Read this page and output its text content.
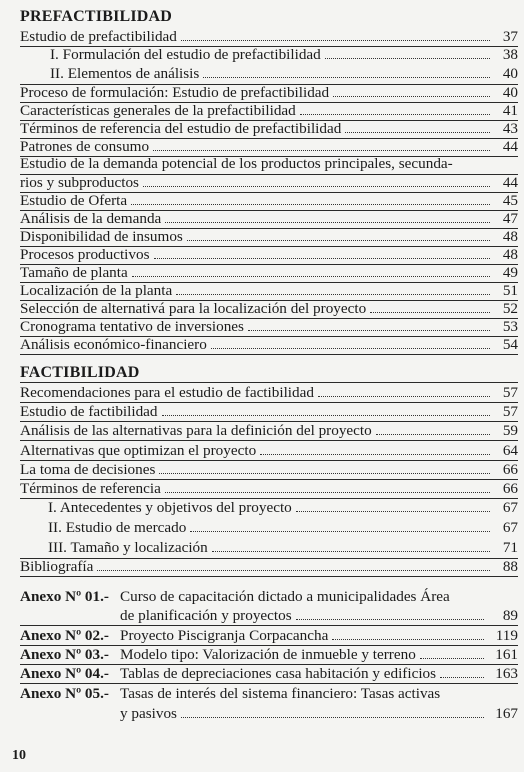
PREFACTIBILIDAD
Estudio de prefactibilidad	37
I. Formulación del estudio de prefactibilidad	38
II. Elementos de análisis	40
Proceso de formulación: Estudio de prefactibilidad	40
Características generales de la prefactibilidad	41
Términos de referencia del estudio de prefactibilidad	43
Patrones de consumo	44
Estudio de la demanda potencial de los productos principales, secunda-
rios y subproductos	44
Estudio de Oferta	45
Análisis de la demanda	47
Disponibilidad de insumos	48
Procesos productivos	48
Tamaño de planta	49
Localización de la planta	51
Selección de alternativá para la localización del proyecto	52
Cronograma tentativo de inversiones	53
Análisis económico-financiero	54
FACTIBILIDAD
Recomendaciones para el estudio de factibilidad	57
Estudio de factibilidad	57
Análisis de las alternativas para la definición del proyecto	59
Alternativas que optimizan el proyecto	64
La toma de decisiones	66
Términos de referencia	66
I. Antecedentes y objetivos del proyecto	67
II. Estudio de mercado	67
III. Tamaño y localización	71
Bibliografía	88
Anexo Nº 01.- Curso de capacitación dictado a municipalidades Área
de planificación y proyectos	89
Anexo Nº 02.- Proyecto Piscigranja Corpacancha	119
Anexo Nº 03.- Modelo tipo: Valorización de inmueble y terreno	161
Anexo Nº 04.- Tablas de depreciaciones casa habitación y edificios	163
Anexo Nº 05.- Tasas de interés del sistema financiero: Tasas activas
y pasivos	167
10
